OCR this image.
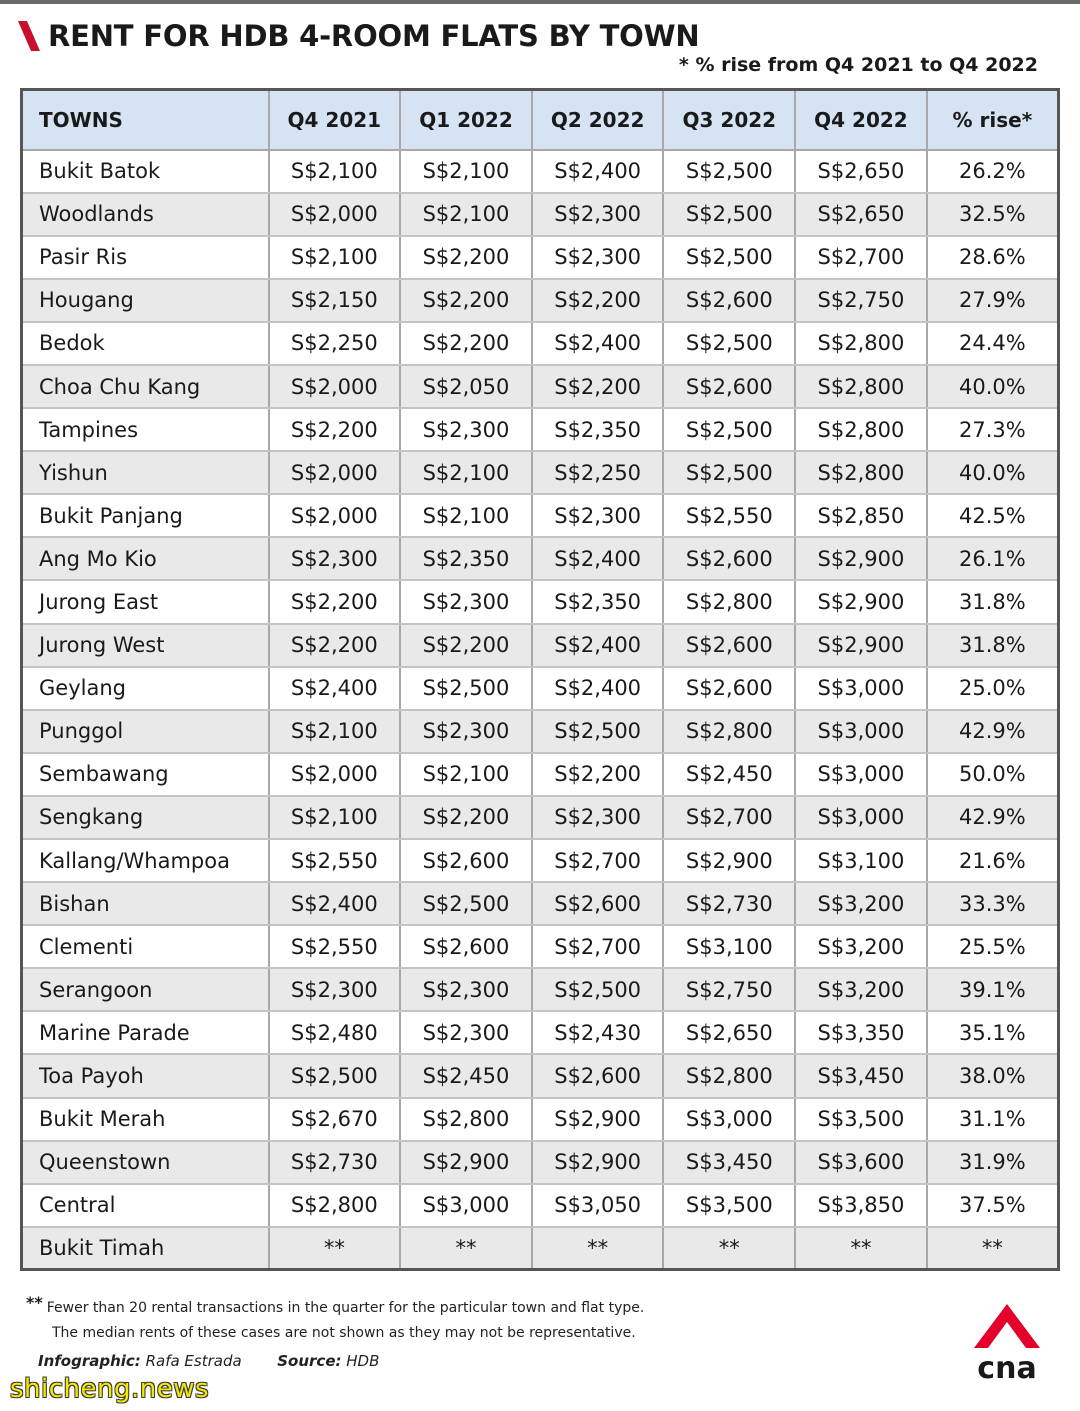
RENT FOR HDB 4-ROOM FLATS BY TOWN
* % rise from Q4 2021 to Q4 2022
TOWNS	Q4 2021	Q1 2022	Q2 2022	Q3 2022	Q4 2022	% rise*
Bukit Batok	S$2,100	S$2,100	S$2,400	S$2,500	S$2,650	26.2%
Woodlands	S$2,000	S$2,100	S$2,300	S$2,500	S$2,650	32.5%
Pasir Ris	S$2,100	S$2,200	S$2,300	S$2,500	S$2,700	28.6%
Hougang	S$2,150	S$2,200	S$2,200	S$2,600	S$2,750	27.9%
Bedok	S$2,250	S$2,200	S$2,400	S$2,500	S$2,800	24.4%
Choa Chu Kang	S$2,000	S$2,050	S$2,200	S$2,600	S$2,800	40.0%
Tampines	S$2,200	S$2,300	S$2,350	S$2,500	S$2,800	27.3%
Yishun	S$2,000	S$2,100	S$2,250	S$2,500	S$2,800	40.0%
Bukit Panjang	S$2,000	S$2,100	S$2,300	S$2,550	S$2,850	42.5%
Ang Mo Kio	S$2,300	S$2,350	S$2,400	S$2,600	S$2,900	26.1%
Jurong East	S$2,200	S$2,300	S$2,350	S$2,800	S$2,900	31.8%
Jurong West	S$2,200	S$2,200	S$2,400	S$2,600	S$2,900	31.8%
Geylang	S$2,400	S$2,500	S$2,400	S$2,600	S$3,000	25.0%
Punggol	S$2,100	S$2,300	S$2,500	S$2,800	S$3,000	42.9%
Sembawang	S$2,000	S$2,100	S$2,200	S$2,450	S$3,000	50.0%
Sengkang	S$2,100	S$2,200	S$2,300	S$2,700	S$3,000	42.9%
Kallang/Whampoa	S$2,550	S$2,600	S$2,700	S$2,900	S$3,100	21.6%
Bishan	S$2,400	S$2,500	S$2,600	S$2,730	S$3,200	33.3%
Clementi	S$2,550	S$2,600	S$2,700	S$3,100	S$3,200	25.5%
Serangoon	S$2,300	S$2,300	S$2,500	S$2,750	S$3,200	39.1%
Marine Parade	S$2,480	S$2,300	S$2,430	S$2,650	S$3,350	35.1%
Toa Payoh	S$2,500	S$2,450	S$2,600	S$2,800	S$3,450	38.0%
Bukit Merah	S$2,670	S$2,800	S$2,900	S$3,000	S$3,500	31.1%
Queenstown	S$2,730	S$2,900	S$2,900	S$3,450	S$3,600	31.9%
Central	S$2,800	S$3,000	S$3,050	S$3,500	S$3,850	37.5%
Bukit Timah	**	**	**	**	**	**
** Fewer than 20 rental transactions in the quarter for the particular town and flat type.
The median rents of these cases are not shown as they may not be representative.
Infographic: Rafa Estrada Source: HDB	cna
shicheng.news
